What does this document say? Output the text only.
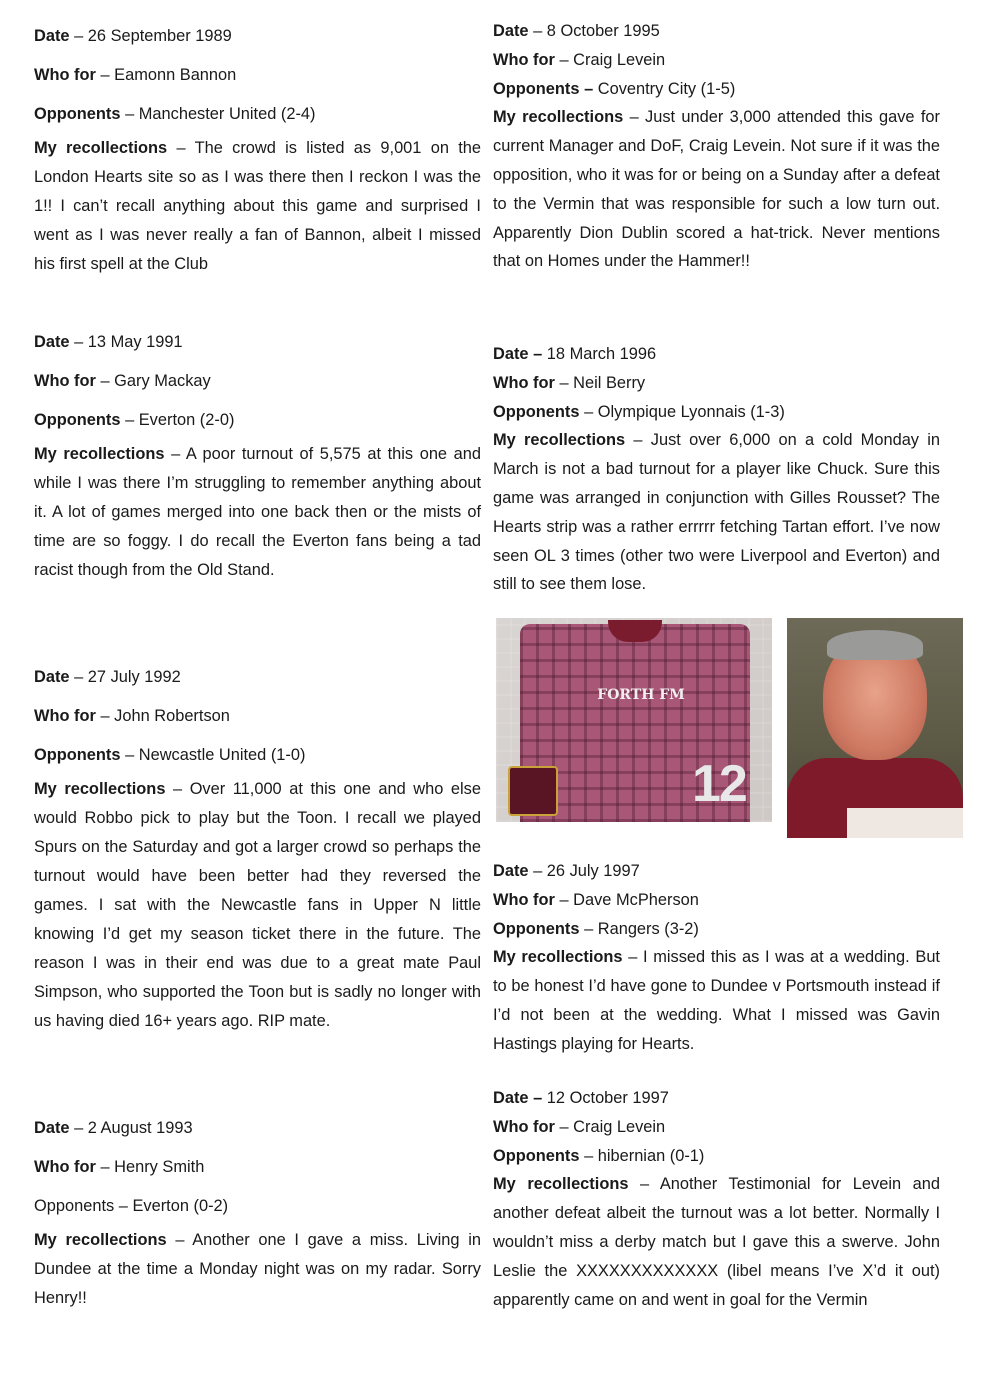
Date – 26 September 1989

Who for – Eamonn Bannon

Opponents – Manchester United (2-4)

My recollections – The crowd is listed as 9,001 on the London Hearts site so as I was there then I reckon I was the 1!! I can’t recall anything about this game and surprised I went as I was never really a fan of Bannon, albeit I missed his first spell at the Club

Date – 13 May 1991

Who for – Gary Mackay

Opponents – Everton (2-0)

My recollections – A poor turnout of 5,575 at this one and while I was there I’m struggling to remember anything about it. A lot of games merged into one back then or the mists of time are so foggy. I do recall the Everton fans being a tad racist though from the Old Stand.

Date – 27 July 1992

Who for – John Robertson

Opponents – Newcastle United (1-0)

My recollections – Over 11,000 at this one and who else would Robbo pick to play but the Toon. I recall we played Spurs on the Saturday and got a larger crowd so perhaps the turnout would have been better had they reversed the games. I sat with the Newcastle fans in Upper N little knowing I’d get my season ticket there in the future. The reason I was in their end was due to a great mate Paul Simpson, who supported the Toon but is sadly no longer with us having died 16+ years ago. RIP mate.

Date – 2 August 1993

Who for – Henry Smith

Opponents – Everton (0-2)

My recollections – Another one I gave a miss. Living in Dundee at the time a Monday night was on my radar. Sorry Henry!!

Date – 8 October 1995

Who for – Craig Levein

Opponents – Coventry City (1-5)

My recollections – Just under 3,000 attended this gave for current Manager and DoF, Craig Levein. Not sure if it was the opposition, who it was for or being on a Sunday after a defeat to the Vermin that was responsible for such a low turn out. Apparently Dion Dublin scored a hat-trick. Never mentions that on Homes under the Hammer!!

Date – 18 March 1996

Who for – Neil Berry

Opponents – Olympique Lyonnais (1-3)

My recollections – Just over 6,000 on a cold Monday in March is not a bad turnout for a player like Chuck. Sure this game was arranged in conjunction with Gilles Rousset? The Hearts strip was a rather errrrr fetching Tartan effort. I’ve now seen OL 3 times (other two were Liverpool and Everton) and still to see them lose.

FORTH FM
12

Date – 26 July 1997

Who for – Dave McPherson

Opponents – Rangers (3-2)

My recollections – I missed this as I was at a wedding. But to be honest I’d have gone to Dundee v Portsmouth instead if I’d not been at the wedding. What I missed was Gavin Hastings playing for Hearts.

Date – 12 October 1997

Who for – Craig Levein

Opponents – hibernian (0-1)

My recollections – Another Testimonial for Levein and another defeat albeit the turnout was a lot better. Normally I wouldn’t miss a derby match but I gave this a swerve. John Leslie the XXXXXXXXXXXXX (libel means I’ve X’d it out) apparently came on and went in goal for the Vermin
